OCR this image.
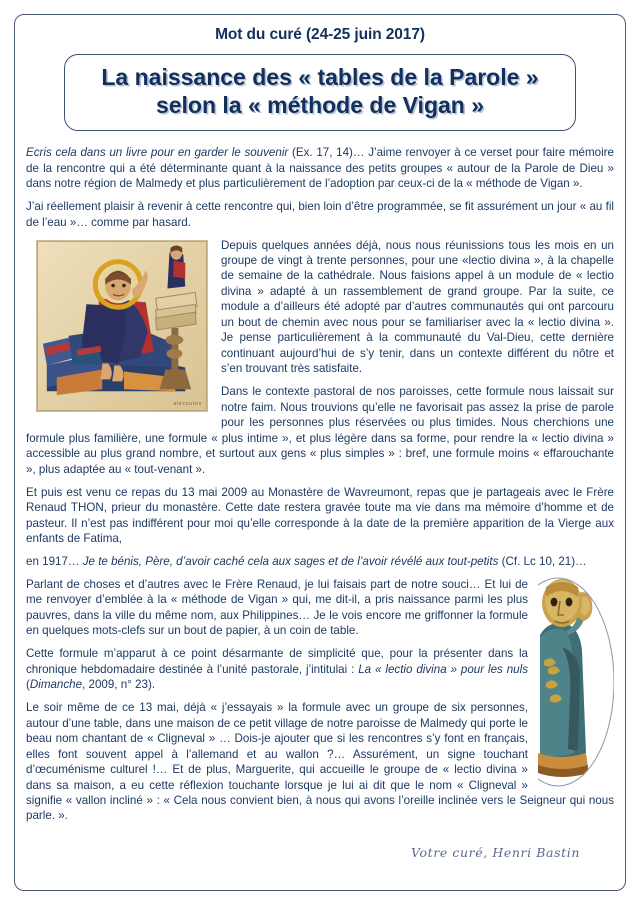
Mot du curé (24-25 juin 2017)
La naissance des « tables de la Parole »
selon la « méthode de Vigan »

Ecris cela dans un livre pour en garder le souvenir (Ex. 17, 14)… J’aime renvoyer à ce verset pour faire mémoire de la rencontre qui a été déterminante quant à la naissance des petits groupes « autour de la Parole de Dieu » dans notre région de Malmedy et plus particulièrement de l’adoption par ceux-ci de la « méthode de Vigan ».

J’ai réellement plaisir à revenir à cette rencontre qui, bien loin d’être programmée, se fit assurément un jour « au fil de l’eau »… comme par hasard.

alecoutes

Depuis quelques années déjà, nous nous réunissions tous les mois en un groupe de vingt à trente personnes, pour une «lectio divina », à la chapelle de semaine de la cathédrale. Nous faisions appel à un module de « lectio divina » adapté à un rassemblement de grand groupe. Par la suite, ce module a d’ailleurs été adopté par d’autres communautés qui ont parcouru un bout de chemin avec nous pour se familiariser avec la « lectio divina ». Je pense particulièrement à la communauté du Val-Dieu, cette dernière continuant aujourd’hui de s’y tenir, dans un contexte différent du nôtre et s’en trouvant très satisfaite.

Dans le contexte pastoral de nos paroisses, cette formule nous laissait sur notre faim. Nous trouvions qu’elle ne favorisait pas assez la prise de parole pour les personnes plus réservées ou plus timides. Nous cherchions une formule plus familière, une formule « plus intime », et plus légère dans sa forme, pour rendre la « lectio divina » accessible au plus grand nombre, et surtout aux gens « plus simples » : bref, une formule moins « effarouchante », plus adaptée au « tout-venant ».

Et puis est venu ce repas du 13 mai 2009 au Monastère de Wavreumont, repas que je partageais avec le Frère Renaud THON, prieur du monastère. Cette date restera gravée toute ma vie dans ma mémoire d’homme et de pasteur. Il n’est pas indifférent pour moi qu’elle corresponde à la date de la première apparition de la Vierge aux enfants de Fatima,

en 1917… Je te bénis, Père, d’avoir caché cela aux sages et de l’avoir révélé aux tout-petits (Cf. Lc 10, 21)…

Parlant de choses et d’autres avec le Frère Renaud, je lui faisais part de notre souci… Et lui de me renvoyer d’emblée à la « méthode de Vigan » qui, me dit-il, a pris naissance parmi les plus pauvres, dans la ville du même nom, aux Philippines… Je le vois encore me griffonner la formule en quelques mots-clefs sur un bout de papier, à un coin de table.

Cette formule m’apparut à ce point désarmante de simplicité que, pour la présenter dans la chronique hebdomadaire destinée à l’unité pastorale, j’intitulai : La « lectio divina » pour les nuls (Dimanche, 2009, n° 23).

Le soir même de ce 13 mai, déjà « j’essayais » la formule avec un groupe de six personnes, autour d’une table, dans une maison de ce petit village de notre paroisse de Malmedy qui porte le beau nom chantant de « Cligneval » … Dois-je ajouter que si les rencontres s’y font en français, elles font souvent appel à l’allemand et au wallon ?… Assurément, un signe touchant d’œcuménisme culturel !… Et de plus, Marguerite, qui accueille le groupe de « lectio divina » dans sa maison, a eu cette réflexion touchante lorsque je lui ai dit que le nom « Cligneval » signifie « vallon incliné » : « Cela nous convient bien, à nous qui avons l’oreille inclinée vers le Seigneur qui nous parle. ».

Votre curé, Henri Bastin
